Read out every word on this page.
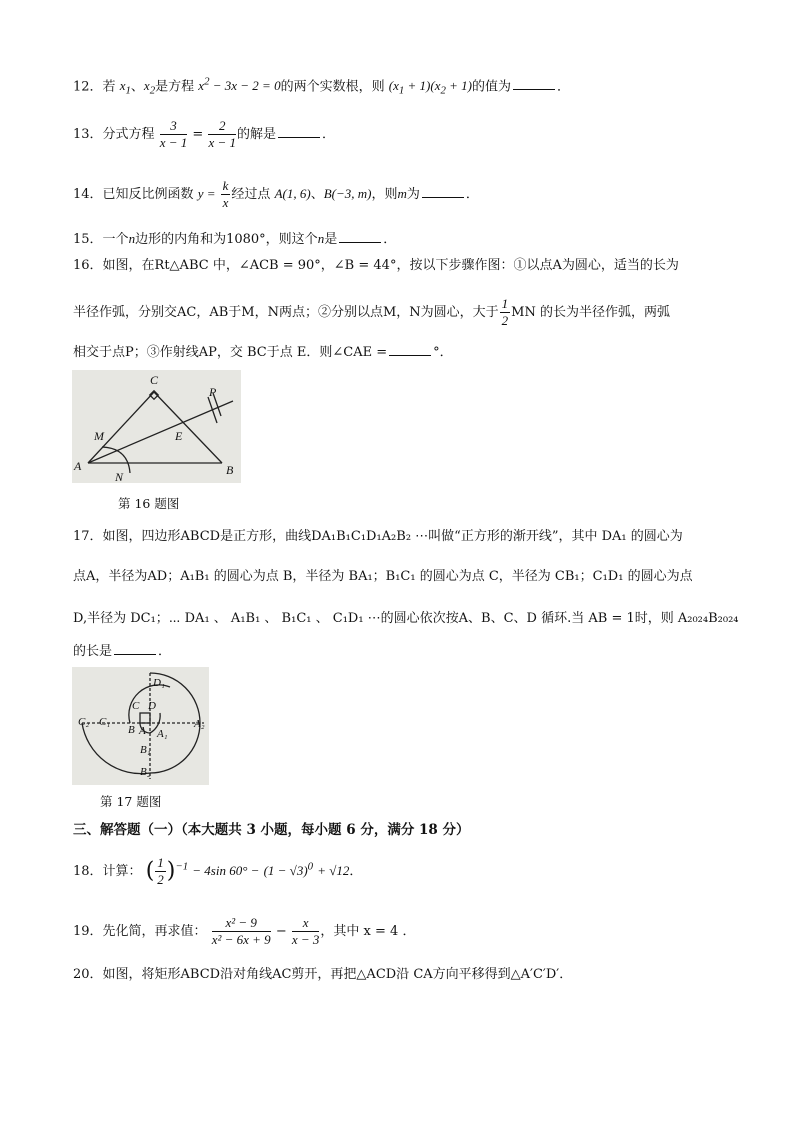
12．若 $x_1$、$x_2$是方程 $x^2 - 3x - 2 = 0$的两个实数根，则 $(x_1 + 1)(x_2 + 1)$的值为	．
13．分式方程 $\frac{3}{x - 1} = \frac{2}{x - 1}$ 的解是	．
14．已知反比例函数 $y = \frac{k}{x}$ 经过点 A(1, 6)、B(−3, m)，则m为	．
15．一个n边形的内角和为1080°，则这个n是	．
16．如图，在Rt△ABC 中，∠ACB = 90°，∠B = 44°，按以下步骤作图：①以点A为圆心，适当的长为
半径作弧，分别交AC，AB于M，N两点；②分别以点M，N为圆心，大于 $\frac{1}{2}$ MN 的长为半径作弧，两弧
相交于点P；③作射线AP，交 BC于点 E．则∠CAE =	°．
C
P
M	E
A
N	B
第 16 题图
17．如图，四边形ABCD是正方形，曲线DA₁B₁C₁D₁A₂B₂ ⋯叫做“正方形的渐开线”，其中 DA₁ 的圆心为
点A，半径为AD；A₁B₁ 的圆心为点 B，半径为 BA₁；B₁C₁ 的圆心为点 C，半径为 CB₁；C₁D₁ 的圆心为点
D,半径为 DC₁；⋯ DA₁ 、 A₁B₁ 、 B₁C₁ 、 C₁D₁ ⋯的圆心依次按A、B、C、D 循环.当 AB = 1时，则 A₂₀₂₄B₂₀₂₄
的长是	．
D₁
C D
C₂ C₁
B A A₁
A₂
B₁
B₂
第 17 题图
三、解答题（一）（本大题共 3 小题，每小题 6 分，满分 18 分）
18．计算： ( $\frac{1}{2} )^{-1} - 4\sin$ $60^\circ - (1 - √3)^0 + √12$．
19．先化简，再求值： $\frac{\text{x² − 9}}{\text{x² − 6x + 9}} - \frac{x}{x - 3}$ ，其中 x = 4 ．
20．如图，将矩形ABCD沿对角线AC剪开，再把△ACD沿 CA方向平移得到△A′C′D′．
